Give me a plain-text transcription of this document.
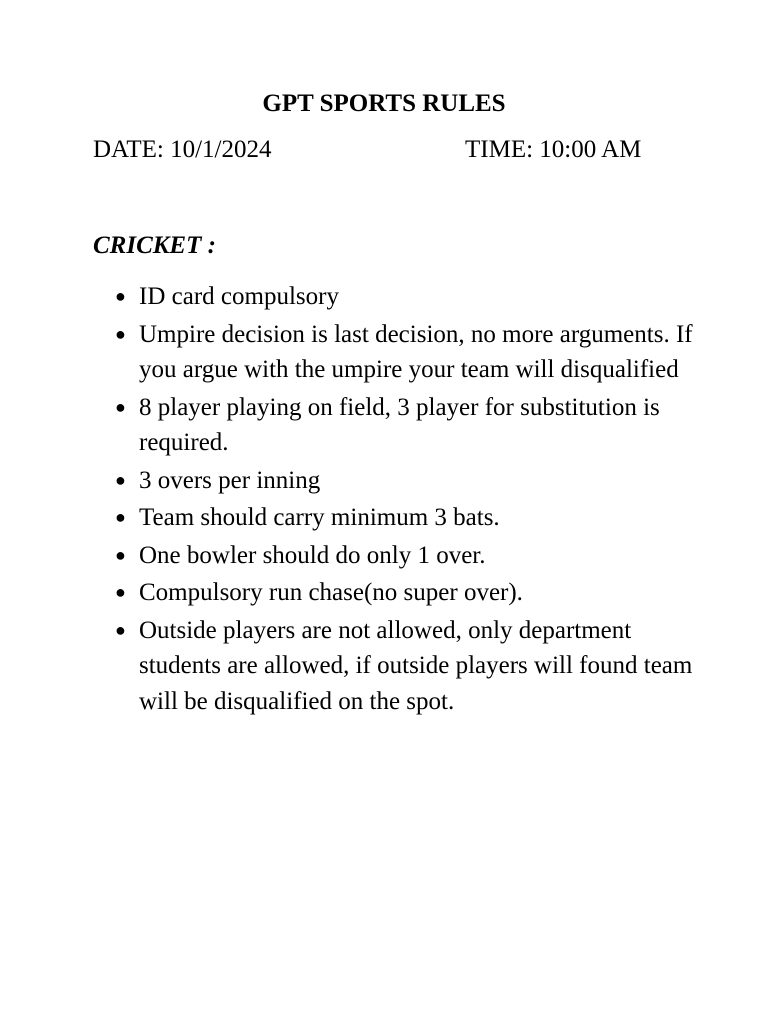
GPT SPORTS RULES
DATE: 10/1/2024	TIME: 10:00 AM
CRICKET :
● ID card compulsory
● Umpire decision is last decision, no more arguments. If you argue with the umpire your team will disqualified
● 8 player playing on field, 3 player for substitution is required.
● 3 overs per inning
● Team should carry minimum 3 bats.
● One bowler should do only 1 over.
● Compulsory run chase(no super over).
● Outside players are not allowed, only department students are allowed, if outside players will found team will be disqualified on the spot.
